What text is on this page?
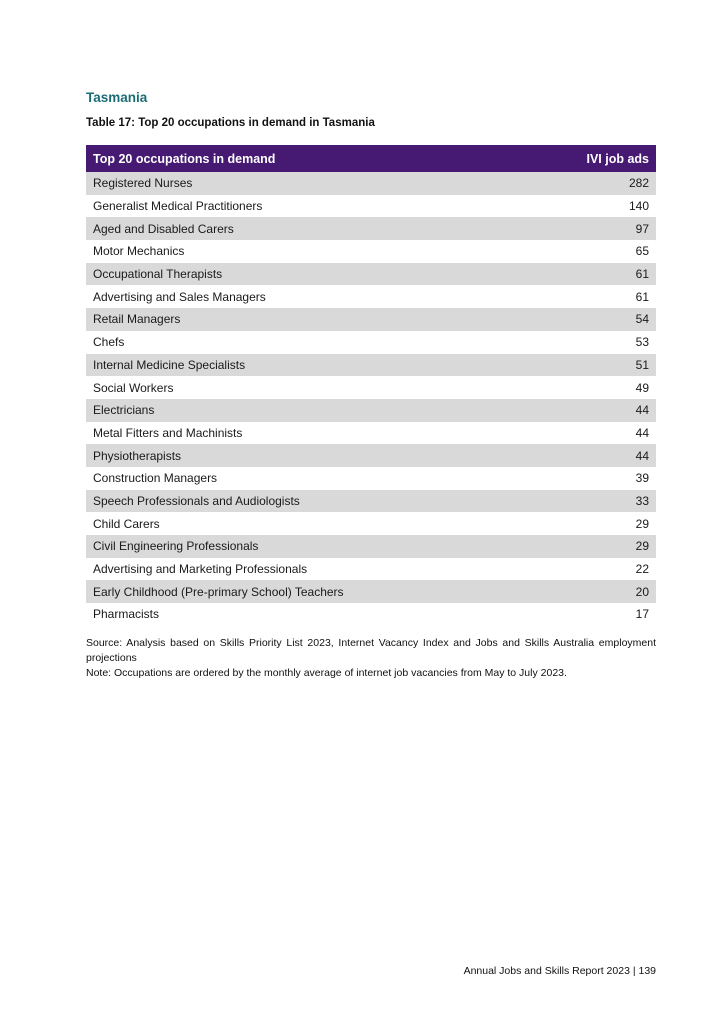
Tasmania

Table 17: Top 20 occupations in demand in Tasmania

Top 20 occupations in demand	IVI job ads
Registered Nurses	282
Generalist Medical Practitioners	140
Aged and Disabled Carers	97
Motor Mechanics	65
Occupational Therapists	61
Advertising and Sales Managers	61
Retail Managers	54
Chefs	53
Internal Medicine Specialists	51
Social Workers	49
Electricians	44
Metal Fitters and Machinists	44
Physiotherapists	44
Construction Managers	39
Speech Professionals and Audiologists	33
Child Carers	29
Civil Engineering Professionals	29
Advertising and Marketing Professionals	22
Early Childhood (Pre-primary School) Teachers	20
Pharmacists	17

Source: Analysis based on Skills Priority List 2023, Internet Vacancy Index and Jobs and Skills Australia employment projections

Note: Occupations are ordered by the monthly average of internet job vacancies from May to July 2023.

Annual Jobs and Skills Report 2023 | 139
